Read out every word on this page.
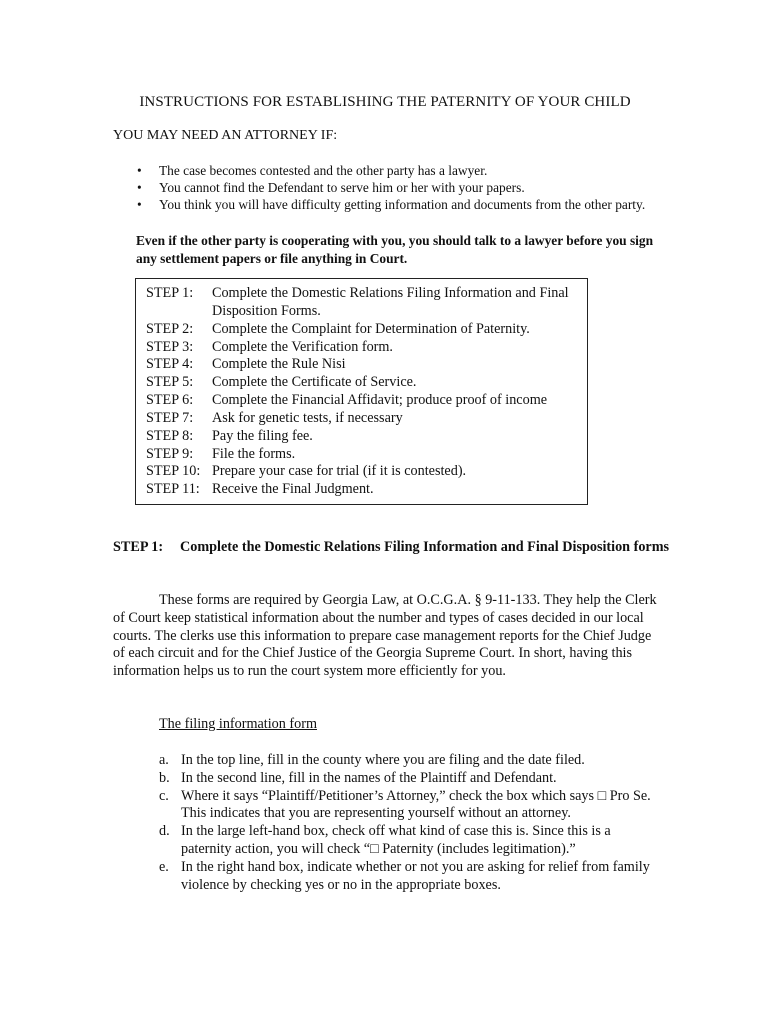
INSTRUCTIONS FOR ESTABLISHING THE PATERNITY OF YOUR CHILD
YOU MAY NEED AN ATTORNEY IF:
• The case becomes contested and the other party has a lawyer.
• You cannot find the Defendant to serve him or her with your papers.
• You think you will have difficulty getting information and documents from the other party.
Even if the other party is cooperating with you, you should talk to a lawyer before you sign any settlement papers or file anything in Court.
STEP 1:	Complete the Domestic Relations Filing Information and Final Disposition Forms.
STEP 2:	Complete the Complaint for Determination of Paternity.
STEP 3:	Complete the Verification form.
STEP 4:	Complete the Rule Nisi
STEP 5:	Complete the Certificate of Service.
STEP 6:	Complete the Financial Affidavit; produce proof of income
STEP 7:	Ask for genetic tests, if necessary
STEP 8:	Pay the filing fee.
STEP 9:	File the forms.
STEP 10: Prepare your case for trial (if it is contested).
STEP 11: Receive the Final Judgment.
STEP 1:	Complete the Domestic Relations Filing Information and Final Disposition forms
These forms are required by Georgia Law, at O.C.G.A. § 9-11-133. They help the Clerk of Court keep statistical information about the number and types of cases decided in our local courts. The clerks use this information to prepare case management reports for the Chief Judge of each circuit and for the Chief Justice of the Georgia Supreme Court. In short, having this information helps us to run the court system more efficiently for you.
The filing information form
a. In the top line, fill in the county where you are filing and the date filed.
b. In the second line, fill in the names of the Plaintiff and Defendant.
c. Where it says “Plaintiff/Petitioner’s Attorney,” check the box which says □ Pro Se. This indicates that you are representing yourself without an attorney.
d. In the large left-hand box, check off what kind of case this is. Since this is a paternity action, you will check “□ Paternity (includes legitimation).”
e. In the right hand box, indicate whether or not you are asking for relief from family violence by checking yes or no in the appropriate boxes.
